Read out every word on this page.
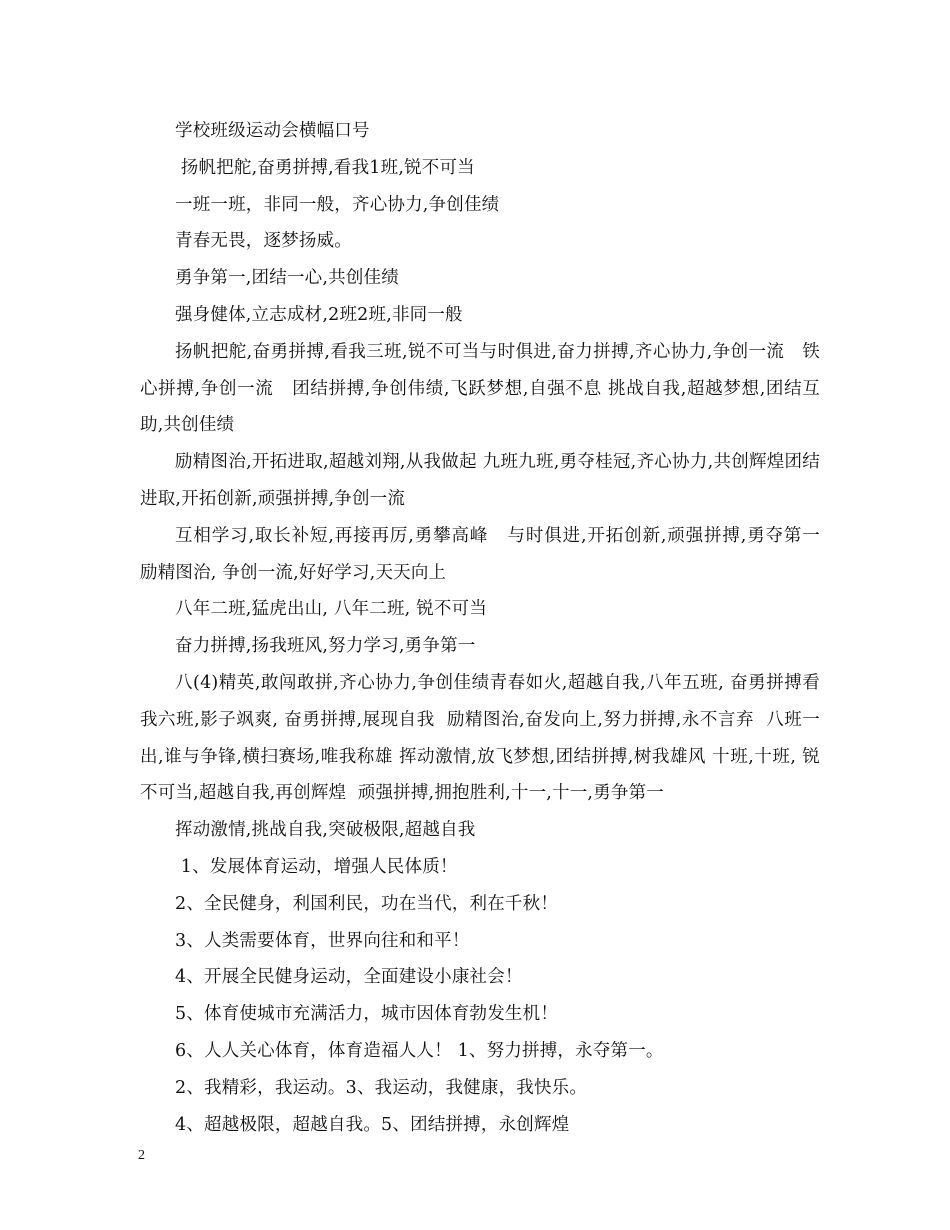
学校班级运动会横幅口号

扬帆把舵,奋勇拼搏,看我1班,锐不可当

一班一班，非同一般，齐心协力,争创佳绩

青春无畏，逐梦扬威。

勇争第一,团结一心,共创佳绩

强身健体,立志成材,2班2班,非同一般

扬帆把舵,奋勇拼搏,看我三班,锐不可当与时俱进,奋力拼搏,齐心协力,争创一流   铁心拼搏,争创一流   团结拼搏,争创伟绩,飞跃梦想,自强不息 挑战自我,超越梦想,团结互助,共创佳绩

励精图治,开拓进取,超越刘翔,从我做起 九班九班,勇夺桂冠,齐心协力,共创辉煌团结进取,开拓创新,顽强拼搏,争创一流

互相学习,取长补短,再接再厉,勇攀高峰   与时俱进,开拓创新,顽强拼搏,勇夺第一  励精图治, 争创一流,好好学习,天天向上

八年二班,猛虎出山, 八年二班, 锐不可当

奋力拼搏,扬我班风,努力学习,勇争第一

八(4)精英,敢闯敢拼,齐心协力,争创佳绩青春如火,超越自我,八年五班, 奋勇拼搏看我六班,影子飒爽, 奋勇拼搏,展现自我  励精图治,奋发向上,努力拼搏,永不言弃  八班一出,谁与争锋,横扫赛场,唯我称雄 挥动激情,放飞梦想,团结拼搏,树我雄风 十班,十班, 锐不可当,超越自我,再创辉煌  顽强拼搏,拥抱胜利,十一,十一,勇争第一

挥动激情,挑战自我,突破极限,超越自我

1、发展体育运动，增强人民体质！

2、全民健身，利国利民，功在当代，利在千秋！

3、人类需要体育，世界向往和和平！

4、开展全民健身运动，全面建设小康社会！

5、体育使城市充满活力，城市因体育勃发生机！

6、人人关心体育，体育造福人人！ 1、努力拼搏，永夺第一。

2、我精彩，我运动。3、我运动，我健康，我快乐。

4、超越极限，超越自我。5、团结拼搏，永创辉煌

2
